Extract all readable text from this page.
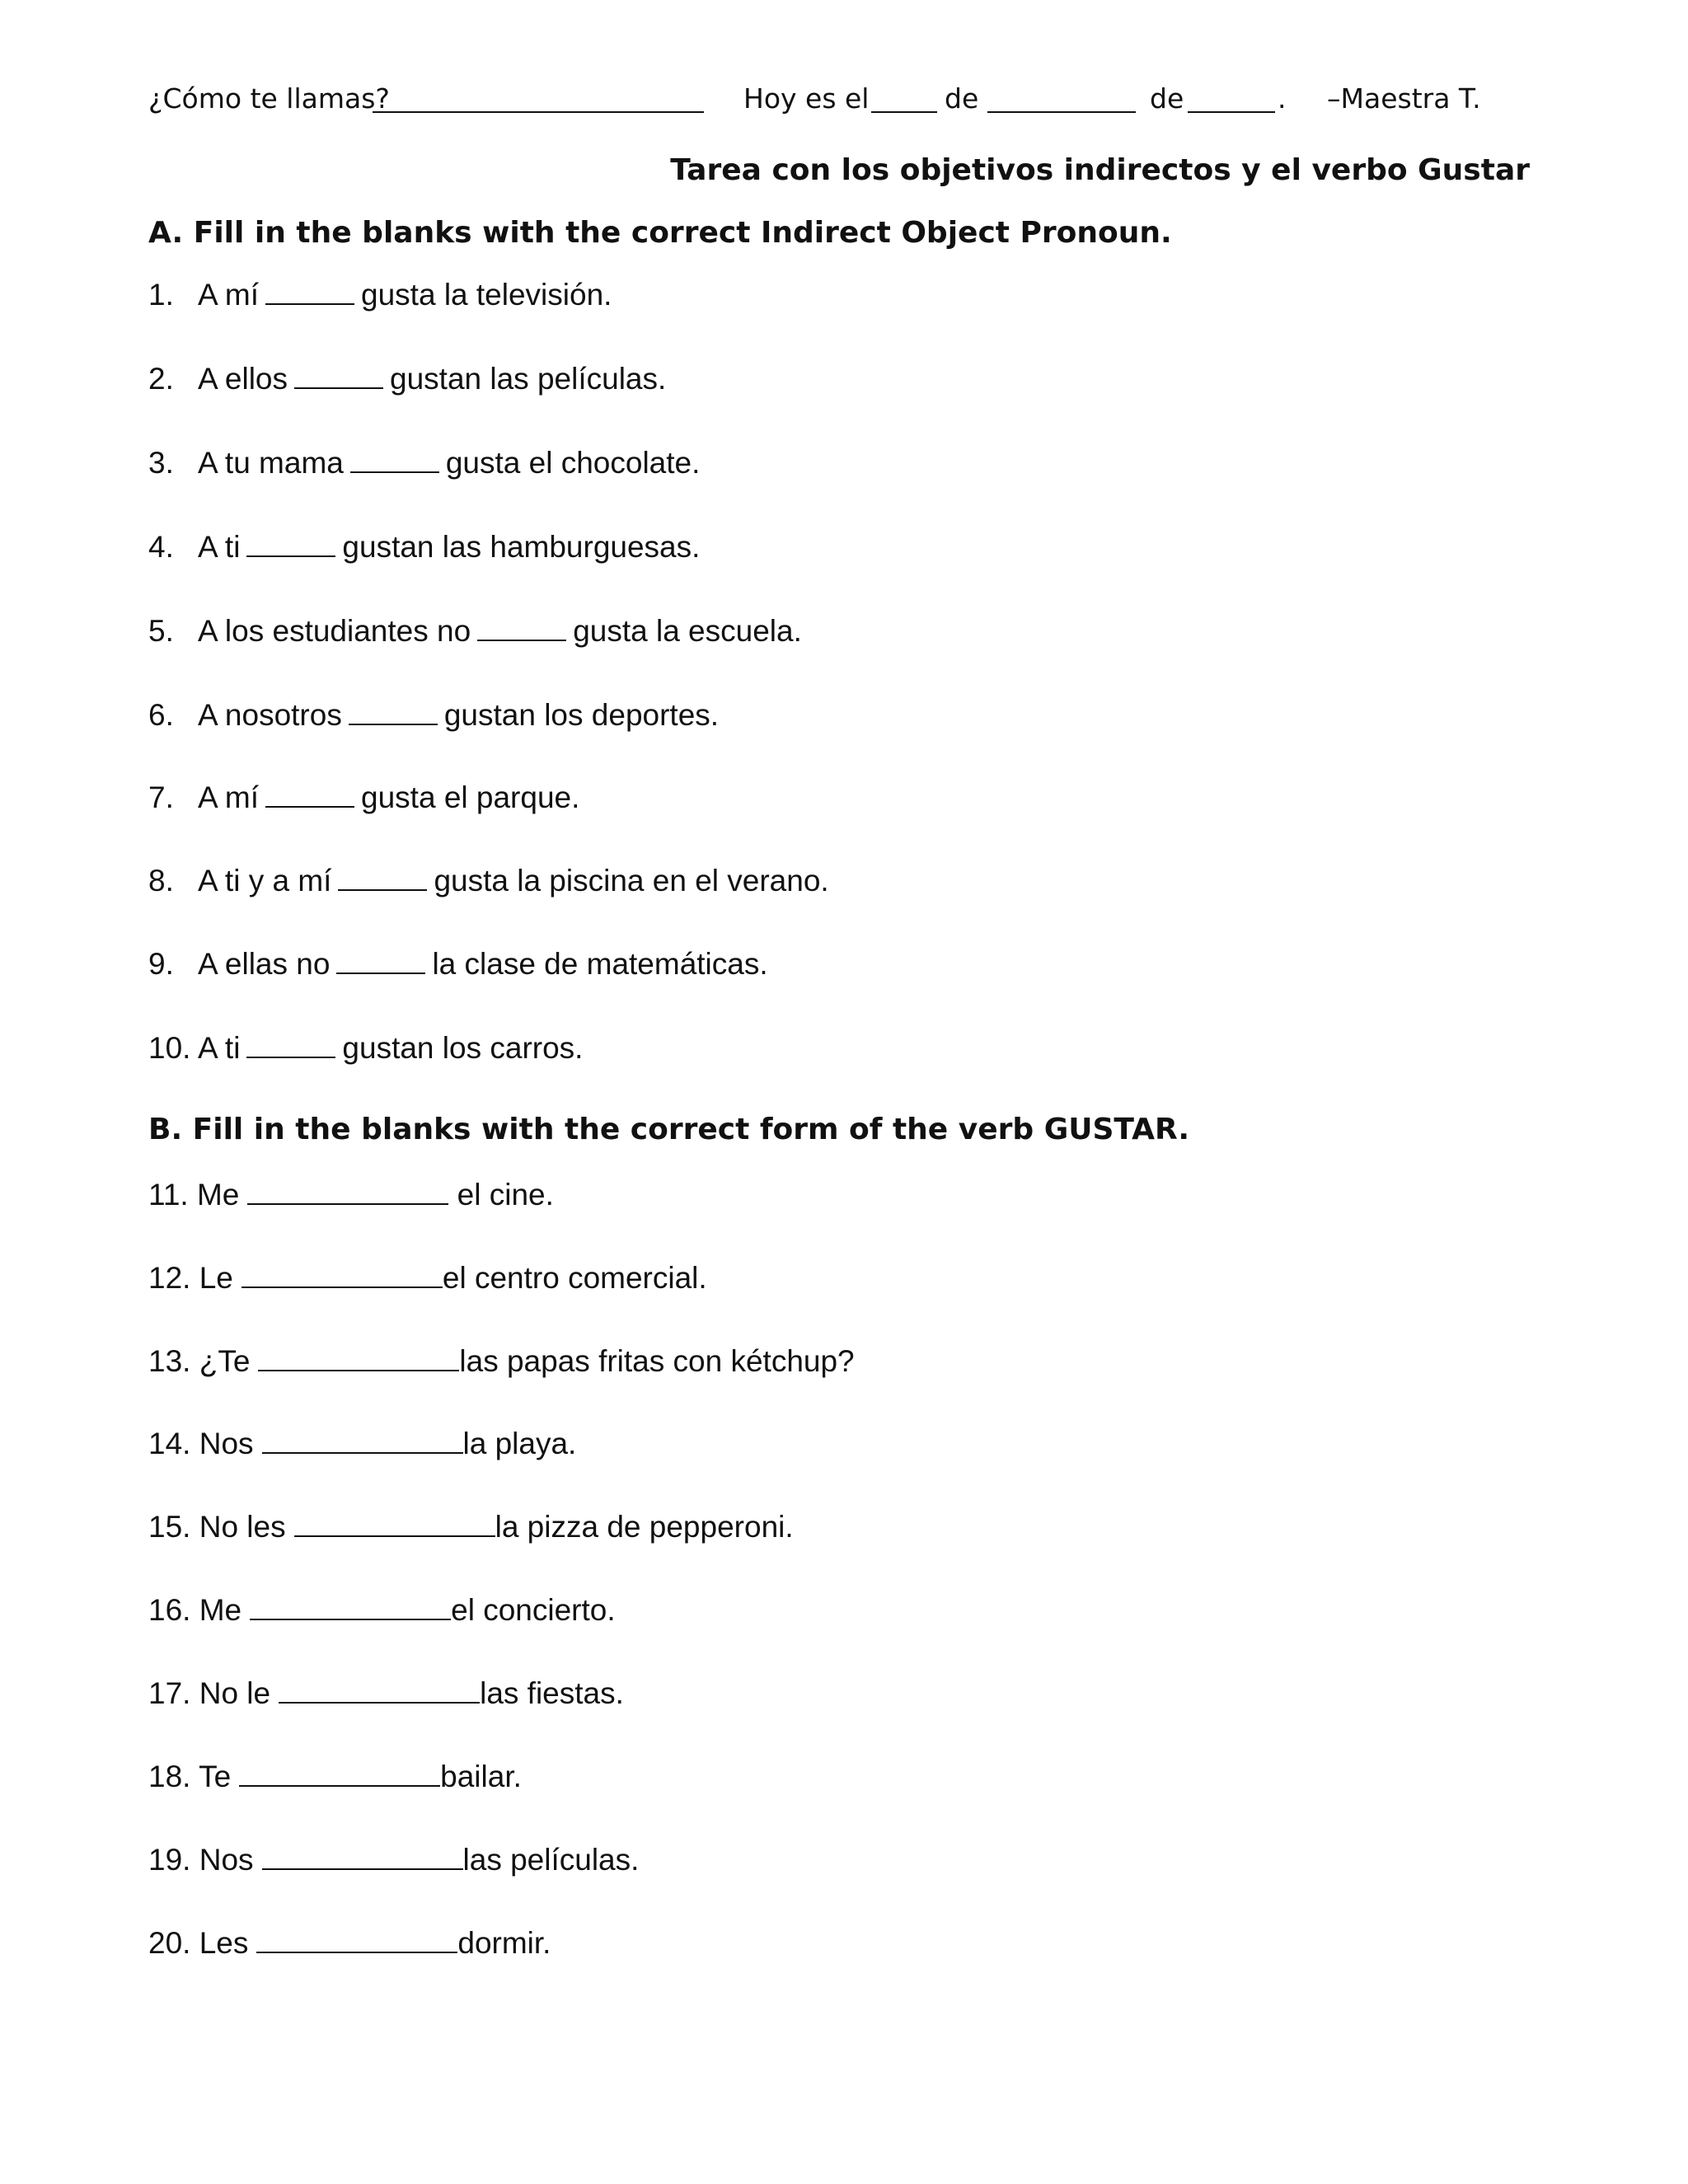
¿Cómo te llamas?	Hoy es el	de	de	. –Maestra T.
Tarea con los objetivos indirectos y el verbo Gustar
A. Fill in the blanks with the correct Indirect Object Pronoun.
1. A mí	gusta la televisión.
2. A ellos	gustan las películas.
3. A tu mama	gusta el chocolate.
4. A ti	gustan las hamburguesas.
5. A los estudiantes no	gusta la escuela.
6. A nosotros	gustan los deportes.
7. A mí	gusta el parque.
8. A ti y a mí	gusta la piscina en el verano.
9. A ellas no	la clase de matemáticas.
10. A ti	gustan los carros.
B. Fill in the blanks with the correct form of the verb GUSTAR.
11. Me	el cine.
12. Le	el centro comercial.
13. ¿Te	las papas fritas con kétchup?
14. Nos	la playa.
15. No les	la pizza de pepperoni.
16. Me	el concierto.
17. No le	las fiestas.
18. Te	bailar.
19. Nos	las películas.
20. Les	dormir.
